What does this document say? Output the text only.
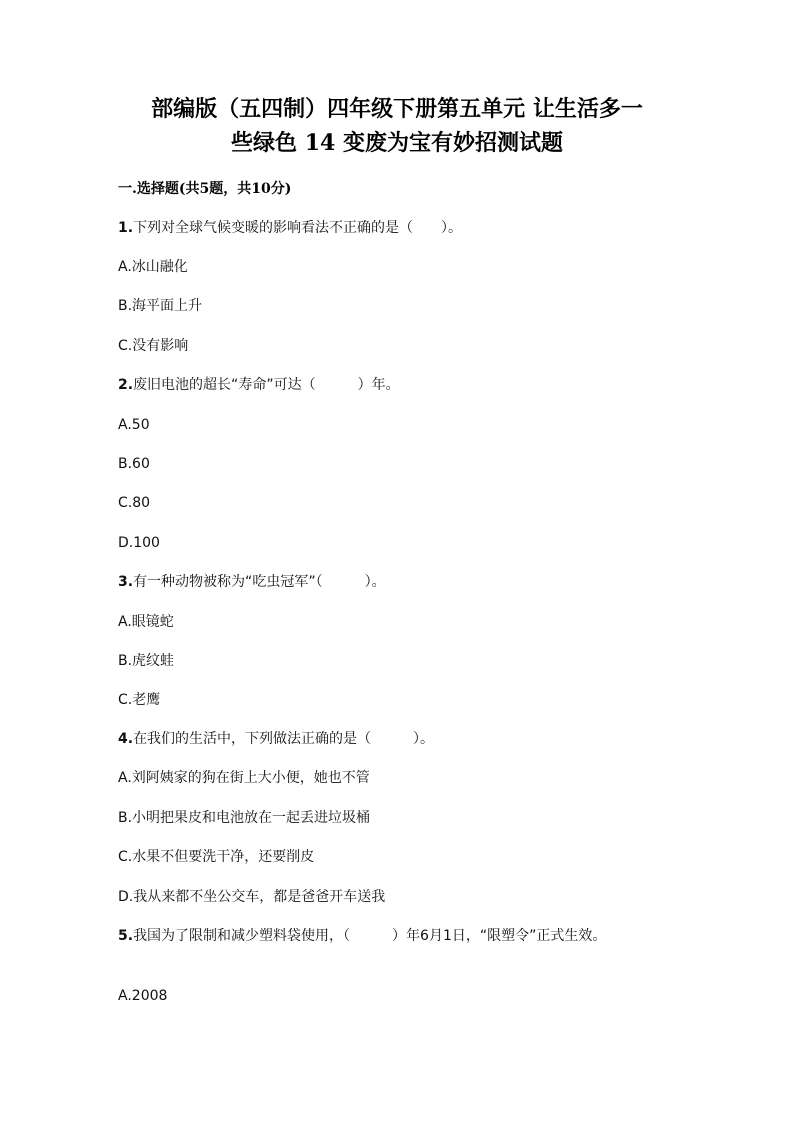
部编版（五四制）四年级下册第五单元 让生活多一
些绿色 14 变废为宝有妙招测试题
一.选择题(共5题，共10分)
1.下列对全球气候变暖的影响看法不正确的是（　　）。
A.冰山融化
B.海平面上升
C.没有影响
2.废旧电池的超长“寿命”可达（　　　）年。
A.50
B.60
C.80
D.100
3.有一种动物被称为“吃虫冠军”（　　　）。
A.眼镜蛇
B.虎纹蛙
C.老鹰
4.在我们的生活中，下列做法正确的是（　　　）。
A.刘阿姨家的狗在街上大小便，她也不管
B.小明把果皮和电池放在一起丢进垃圾桶
C.水果不但要洗干净，还要削皮
D.我从来都不坐公交车，都是爸爸开车送我
5.我国为了限制和减少塑料袋使用，（　　　）年6月1日，“限塑令”正式生效。
A.2008
